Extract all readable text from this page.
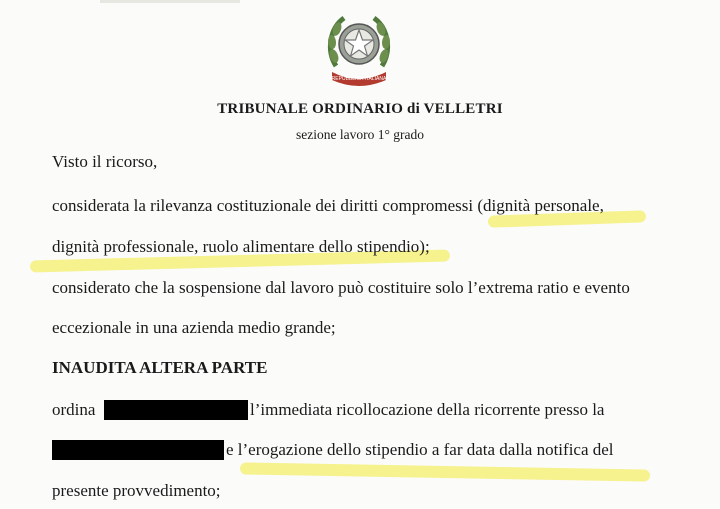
REPUBBLICA ITALIANA
TRIBUNALE ORDINARIO di VELLETRI
sezione lavoro 1° grado
Visto il ricorso,
considerata la rilevanza costituzionale dei diritti compromessi (dignità personale,
dignità professionale, ruolo alimentare dello stipendio);
considerato che la sospensione dal lavoro può costituire solo l’extrema ratio e evento
eccezionale in una azienda medio grande;
INAUDITA ALTERA PARTE
ordina	l’immediata ricollocazione della ricorrente presso la
e l’erogazione dello stipendio a far data dalla notifica del
presente provvedimento;
